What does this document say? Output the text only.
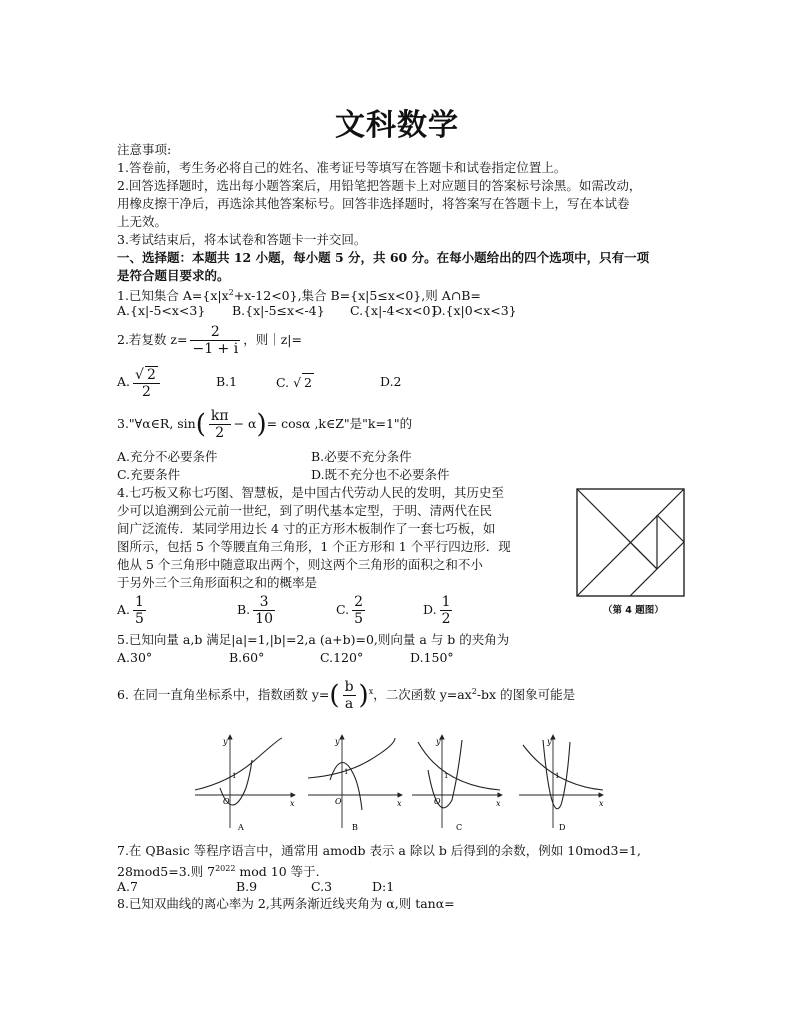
文科数学
注意事项:
1.答卷前，考生务必将自己的姓名、准考证号等填写在答题卡和试卷指定位置上。
2.回答选择题时，选出每小题答案后，用铅笔把答题卡上对应题目的答案标号涂黑。如需改动，
用橡皮擦干净后，再选涂其他答案标号。回答非选择题时，将答案写在答题卡上，写在本试卷
上无效。
3.考试结束后，将本试卷和答题卡一并交回。
一、选择题：本题共 12 小题，每小题 5 分，共 60 分。在每小题给出的四个选项中，只有一项
是符合题目要求的。
1.已知集合 $A=\{x|x^2+x-12<0\}$,集合 B={x|5≤x<0},则 A∩B=
A.{x|-5<x<3} B.{x|-5≤x<-4} C.{x|-4<x<0}
D.{x|0<x<3}
2.若复数 $z= \frac{2}{-1 + i}$ ，则｜z|=
A. $\frac{√ 2}{2}$	B.1	C. √ 2	D.2
3."∀α∈R, $\sin( \frac{k\pi}{2} - \alpha)= \cos\alpha$ ,k∈Z"是"k=1"的
A.充分不必要条件	B.必要不充分条件
C.充要条件	D.既不充分也不必要条件
4.七巧板又称七巧图、智慧板，是中国古代劳动人民的发明，其历史至
少可以追溯到公元前一世纪，到了明代基本定型，于明、清两代在民
间广泛流传．某同学用边长 4 寸的正方形木板制作了一套七巧板，如
图所示，包括 5 个等腰直角三角形，1 个正方形和 1 个平行四边形．现
他从 5 个三角形中随意取出两个，则这两个三角形的面积之和不小
于另外三个三角形面积之和的概率是
（第 4 题图）
A. $\frac{1}{5}$	B. $\frac{3}{10}$	C. $\frac{2}{5}$	D. $\frac{1}{2}$
5.已知向量 a,b 满足|a|=1,|b|=2,a (a+b)=0,则向量 a 与 b 的夹角为
A.30°	B.60°	C.120°	D.150°
6. 在同一直角坐标系中，指数函数 $y=( \frac{b}{a} )^x$，二次函数 $y=ax^2-bx$ 的图象可能是
y
x
O
1
A
y
x
O
1
B
y
x
O
1
C
y
x
1
D
7.在 QBasic 等程序语言中，通常用 amodb 表示 a 除以 b 后得到的余数，例如 10mod3=1,
28mod5=3.则 $7^{2022}$ mod 10 等于.
A.7	B.9	C.3	D:1
8.已知双曲线的离心率为 2,其两条渐近线夹角为 α,则 tanα=
